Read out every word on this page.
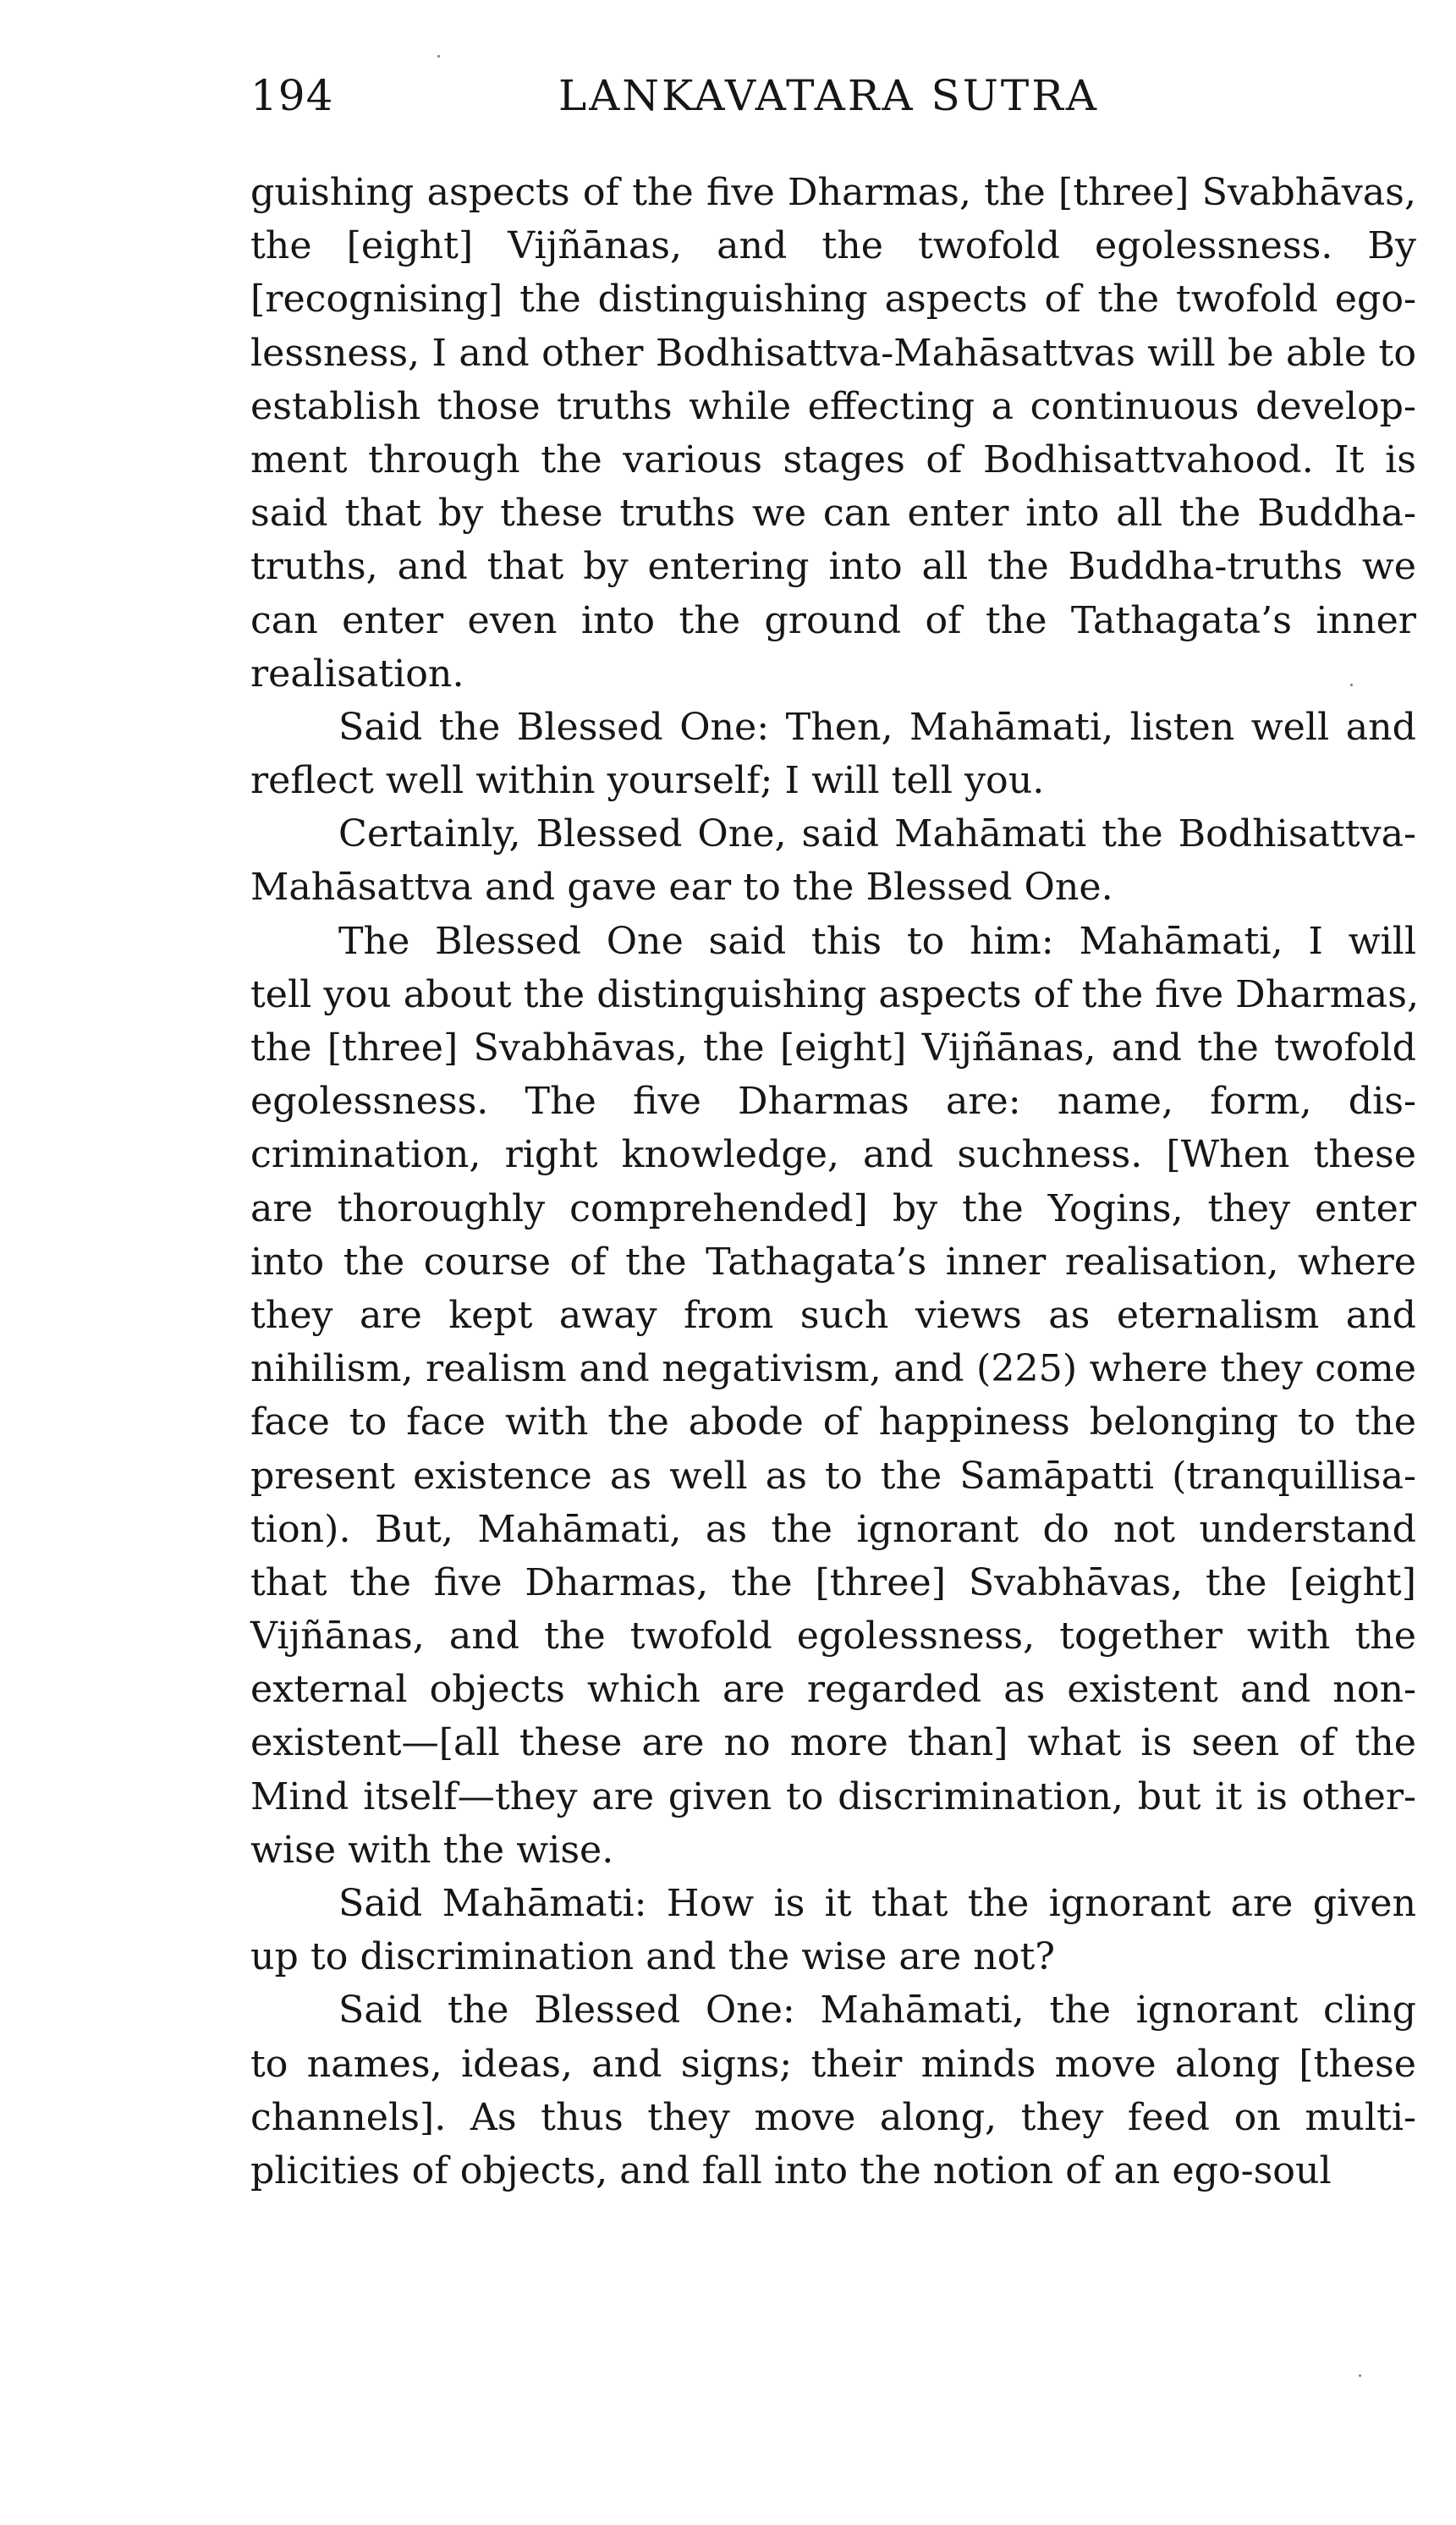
194	LANKAVATARA SUTRA
guishing aspects of the five Dharmas, the [three] Svabhāvas,
the [eight] Vijñānas, and the twofold egolessness. By
[recognising] the distinguishing aspects of the twofold ego-
lessness, I and other Bodhisattva-Mahāsattvas will be able to
establish those truths while effecting a continuous develop-
ment through the various stages of Bodhisattvahood. It is
said that by these truths we can enter into all the Buddha-
truths, and that by entering into all the Buddha-truths we
can enter even into the ground of the Tathagata’s inner
realisation.
Said the Blessed One: Then, Mahāmati, listen well and
reflect well within yourself; I will tell you.
Certainly, Blessed One, said Mahāmati the Bodhisattva-
Mahāsattva and gave ear to the Blessed One.
The Blessed One said this to him: Mahāmati, I will
tell you about the distinguishing aspects of the five Dharmas,
the [three] Svabhāvas, the [eight] Vijñānas, and the twofold
egolessness. The five Dharmas are: name, form, dis-
crimination, right knowledge, and suchness. [When these
are thoroughly comprehended] by the Yogins, they enter
into the course of the Tathagata’s inner realisation, where
they are kept away from such views as eternalism and
nihilism, realism and negativism, and (225) where they come
face to face with the abode of happiness belonging to the
present existence as well as to the Samāpatti (tranquillisa-
tion). But, Mahāmati, as the ignorant do not understand
that the five Dharmas, the [three] Svabhāvas, the [eight]
Vijñānas, and the twofold egolessness, together with the
external objects which are regarded as existent and non-
existent—[all these are no more than] what is seen of the
Mind itself—they are given to discrimination, but it is other-
wise with the wise.
Said Mahāmati: How is it that the ignorant are given
up to discrimination and the wise are not?
Said the Blessed One: Mahāmati, the ignorant cling
to names, ideas, and signs; their minds move along [these
channels]. As thus they move along, they feed on multi-
plicities of objects, and fall into the notion of an ego-soul
